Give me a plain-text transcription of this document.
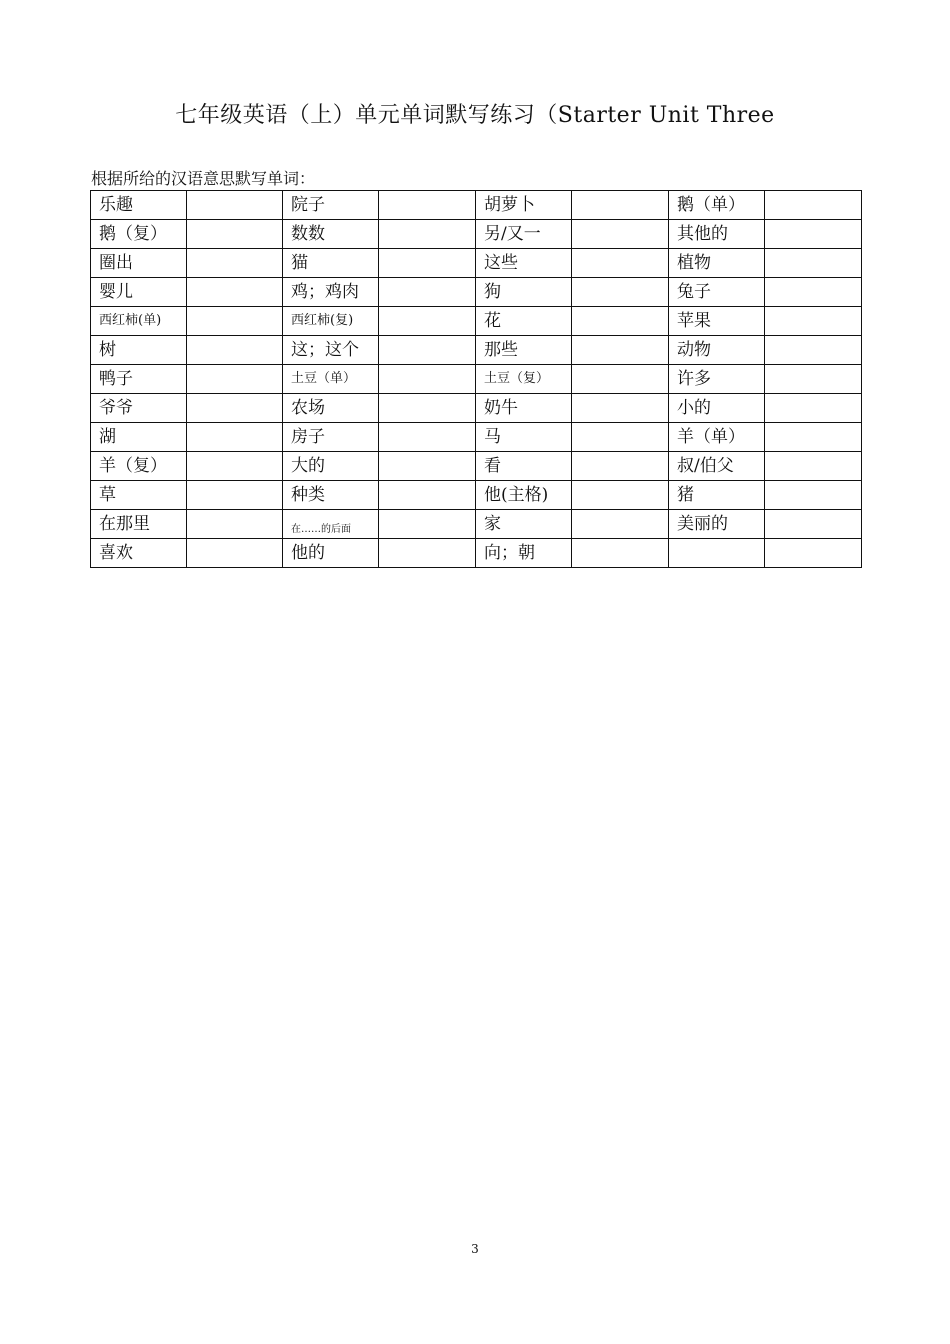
七年级英语（上）单元单词默写练习（Starter Unit Three
根据所给的汉语意思默写单词：
乐趣		院子		胡萝卜		鹅（单）	
鹅（复）		数数		另/又一		其他的	
圈出		猫		这些		植物	
婴儿		鸡；鸡肉		狗		兔子	
西红柿(单)		西红柿(复)		花		苹果	
树		这；这个		那些		动物	
鸭子		土豆（单）		土豆（复）		许多	
爷爷		农场		奶牛		小的	
湖		房子		马		羊（单）	
羊（复）		大的		看		叔/伯父	
草		种类		他(主格)		猪	
在那里		在……的后面		家		美丽的	
喜欢		他的		向；朝			
3
